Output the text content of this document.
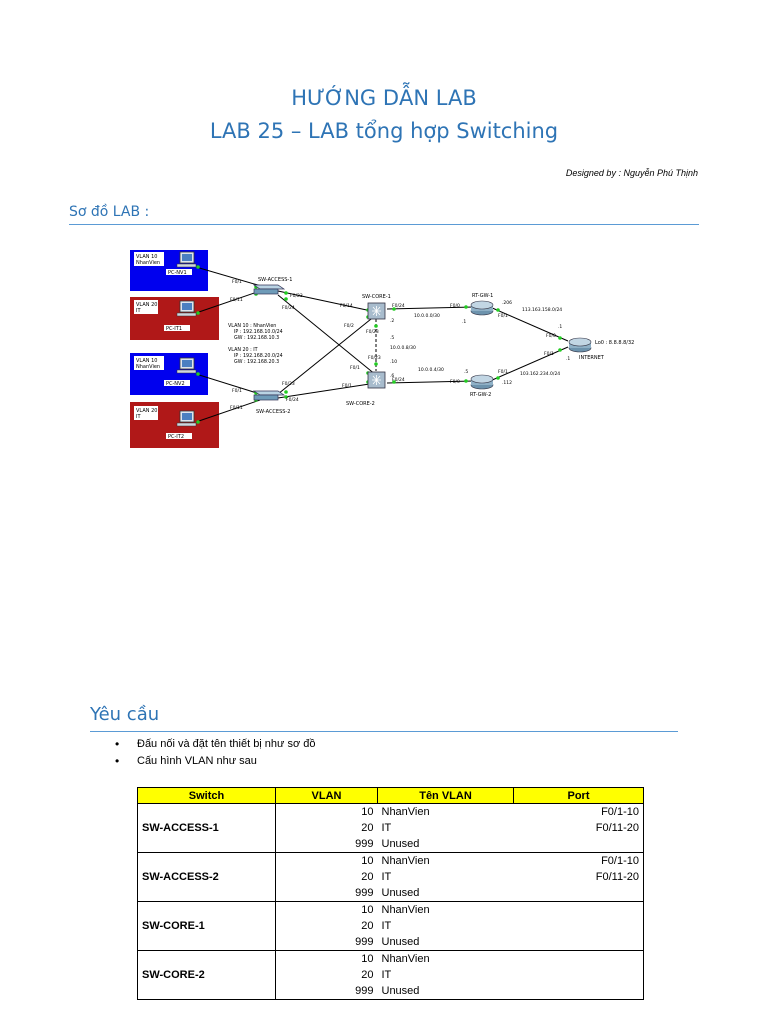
HƯỚNG DẪN LAB
LAB 25 – LAB tổng hợp Switching
Designed by : Nguyễn Phú Thịnh
Sơ đồ LAB :
VLAN 10
NhanVien
VLAN 20
IT
VLAN 10
NhanVien
VLAN 20
IT
PC-NV1
PC-IT1
PC-NV2
PC-IT2
SW-ACCESS-1
SW-ACCESS-2
SW-CORE-1
SW-CORE-2
RT-GW-1
RT-GW-2
INTERNET
Lo0 : 8.8.8.8/32
VLAN 10 : NhanVien
IP : 192.168.10.0/24
GW : 192.168.10.3
VLAN 20 : IT
IP : 192.168.20.0/24
GW : 192.168.20.3
F0/1
F0/11
F0/23
F0/24
F0/1
F0/11
F0/23
F0/24
F0/14
F0/2
F0/23
F0/24
F0/1
F0/23
F0/24
F0/1
.2
.5
.10
.6
10.0.0.0/30
10.0.0.8/30
10.0.0.4/30
F0/0
F0/1
.1
.206
F0/0
F0/1
.5
.112
113.163.158.0/24
103.162.234.0/24
F0/0
F0/1
.1
.1
Yêu cầu
• Đấu nối và đặt tên thiết bị như sơ đồ
• Cấu hình VLAN như sau
Switch	VLAN	Tên VLAN	Port
SW-ACCESS-1	10	NhanVien	F0/1-10
	20	IT	F0/11-20
	999	Unused	
SW-ACCESS-2	10	NhanVien	F0/1-10
	20	IT	F0/11-20
	999	Unused	
SW-CORE-1	10	NhanVien	
	20	IT	
	999	Unused	
SW-CORE-2	10	NhanVien	
	20	IT	
	999	Unused	
